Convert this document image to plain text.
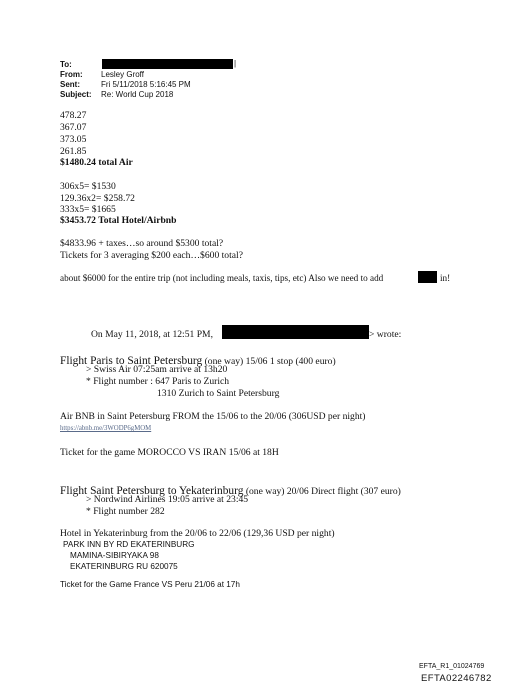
To:	|
From: Lesley Groff
Sent:	Fri 5/11/2018 5:16:45 PM
Subject: Re: World Cup 2018
478.27
367.07
373.05
261.85
$1480.24 total Air
306x5= $1530
129.36x2= $258.72
333x5= $1665
$3453.72 Total Hotel/Airbnb
$4833.96 + taxes…so around $5300 total?
Tickets for 3 averaging $200 each…$600 total?
about $6000 for the entire trip (not including meals, taxis, tips, etc) Also we need to add	in!
On May 11, 2018, at 12:51 PM,	> wrote:
Flight Paris to Saint Petersburg (one way) 15/06 1 stop (400 euro)
> Swiss Air 07:25am arrive at 13h20
* Flight number : 647 Paris to Zurich
1310 Zurich to Saint Petersburg
Air BNB in Saint Petersburg FROM the 15/06 to the 20/06 (306USD per night)
https://abnb.me/3WODP6gMOM
Ticket for the game MOROCCO VS IRAN 15/06 at 18H
Flight Saint Petersburg to Yekaterinburg (one way) 20/06 Direct flight (307 euro)
> Nordwind Airlines 19:05 arrive at 23:45
* Flight number 282
Hotel in Yekaterinburg from the 20/06 to 22/06 (129,36 USD per night)
PARK INN BY RD EKATERINBURG
MAMINA-SIBIRYAKA 98
EKATERINBURG RU 620075
Ticket for the Game France VS Peru 21/06 at 17h
EFTA_R1_01024769
EFTA02246782
